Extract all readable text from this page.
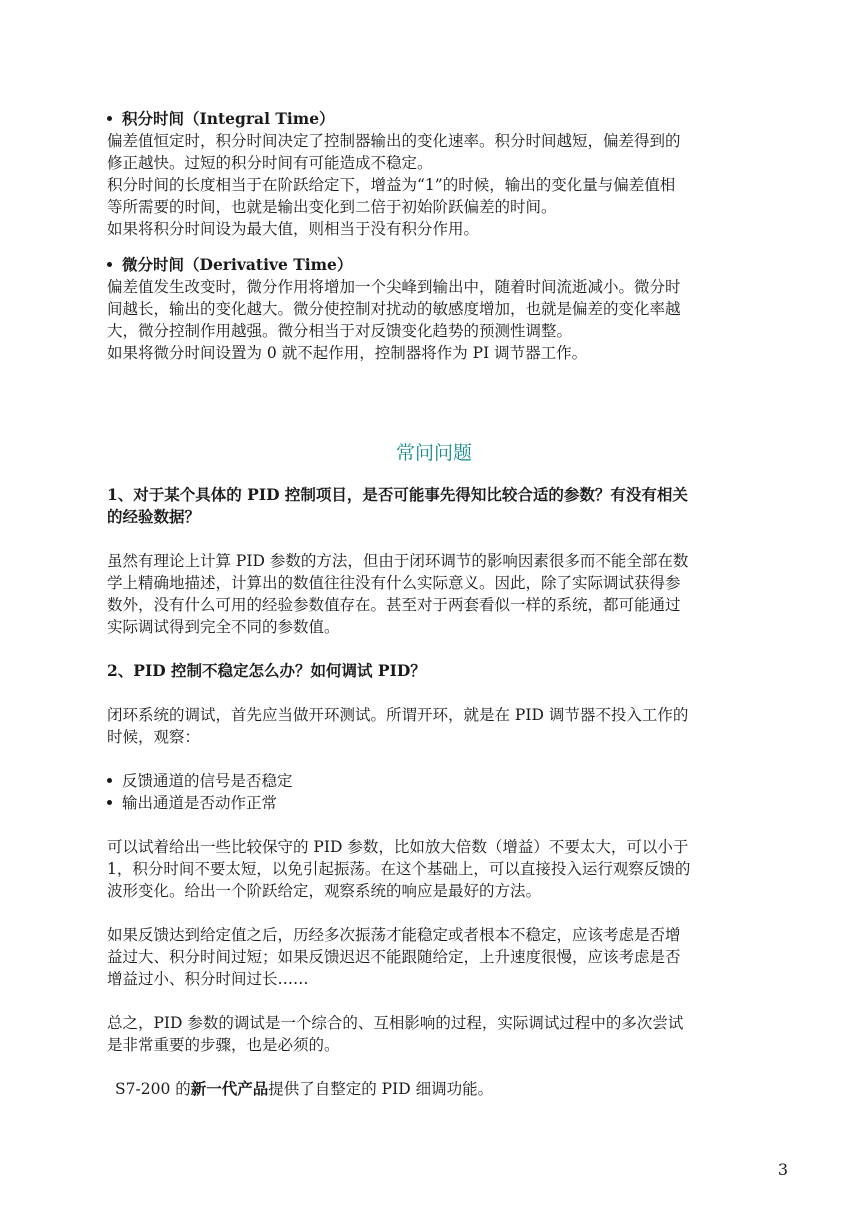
积分时间（Integral Time）

偏差值恒定时，积分时间决定了控制器输出的变化速率。积分时间越短，偏差得到的

修正越快。过短的积分时间有可能造成不稳定。

积分时间的长度相当于在阶跃给定下，增益为“1”的时候，输出的变化量与偏差值相

等所需要的时间，也就是输出变化到二倍于初始阶跃偏差的时间。

如果将积分时间设为最大值，则相当于没有积分作用。

微分时间（Derivative Time）

偏差值发生改变时，微分作用将增加一个尖峰到输出中，随着时间流逝减小。微分时

间越长，输出的变化越大。微分使控制对扰动的敏感度增加，也就是偏差的变化率越

大，微分控制作用越强。微分相当于对反馈变化趋势的预测性调整。

如果将微分时间设置为 0 就不起作用，控制器将作为 PI 调节器工作。

常问问题

1、对于某个具体的 PID 控制项目，是否可能事先得知比较合适的参数？有没有相关

的经验数据？

虽然有理论上计算 PID 参数的方法，但由于闭环调节的影响因素很多而不能全部在数

学上精确地描述，计算出的数值往往没有什么实际意义。因此，除了实际调试获得参

数外，没有什么可用的经验参数值存在。甚至对于两套看似一样的系统，都可能通过

实际调试得到完全不同的参数值。

2、PID 控制不稳定怎么办？如何调试 PID？

闭环系统的调试，首先应当做开环测试。所谓开环，就是在 PID 调节器不投入工作的

时候，观察：

反馈通道的信号是否稳定

输出通道是否动作正常

可以试着给出一些比较保守的 PID 参数，比如放大倍数（增益）不要太大，可以小于

1，积分时间不要太短，以免引起振荡。在这个基础上，可以直接投入运行观察反馈的

波形变化。给出一个阶跃给定，观察系统的响应是最好的方法。

如果反馈达到给定值之后，历经多次振荡才能稳定或者根本不稳定，应该考虑是否增

益过大、积分时间过短；如果反馈迟迟不能跟随给定，上升速度很慢，应该考虑是否

增益过小、积分时间过长……

总之，PID 参数的调试是一个综合的、互相影响的过程，实际调试过程中的多次尝试

是非常重要的步骤，也是必须的。

S7-200 的新一代产品提供了自整定的 PID 细调功能。

3
